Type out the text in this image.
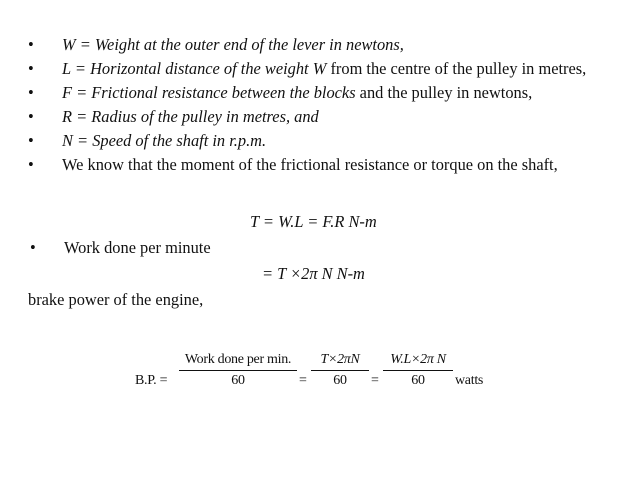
• W = Weight at the outer end of the lever in newtons,
• L = Horizontal distance of the weight W from the centre of the pulley in metres,
• F = Frictional resistance between the blocks and the pulley in newtons,
• R = Radius of the pulley in metres, and
• N = Speed of the shaft in r.p.m.
• We know that the moment of the frictional resistance or torque on the shaft,
T = W.L = F.R N-m
• Work done per minute
= T ×2π N N-m
brake power of the engine,
B.P. =
Work done per min.
60	= $\frac{T\times 2\pi N}{60} = \frac{\text{W.L×2π N}}{60}$ watts
